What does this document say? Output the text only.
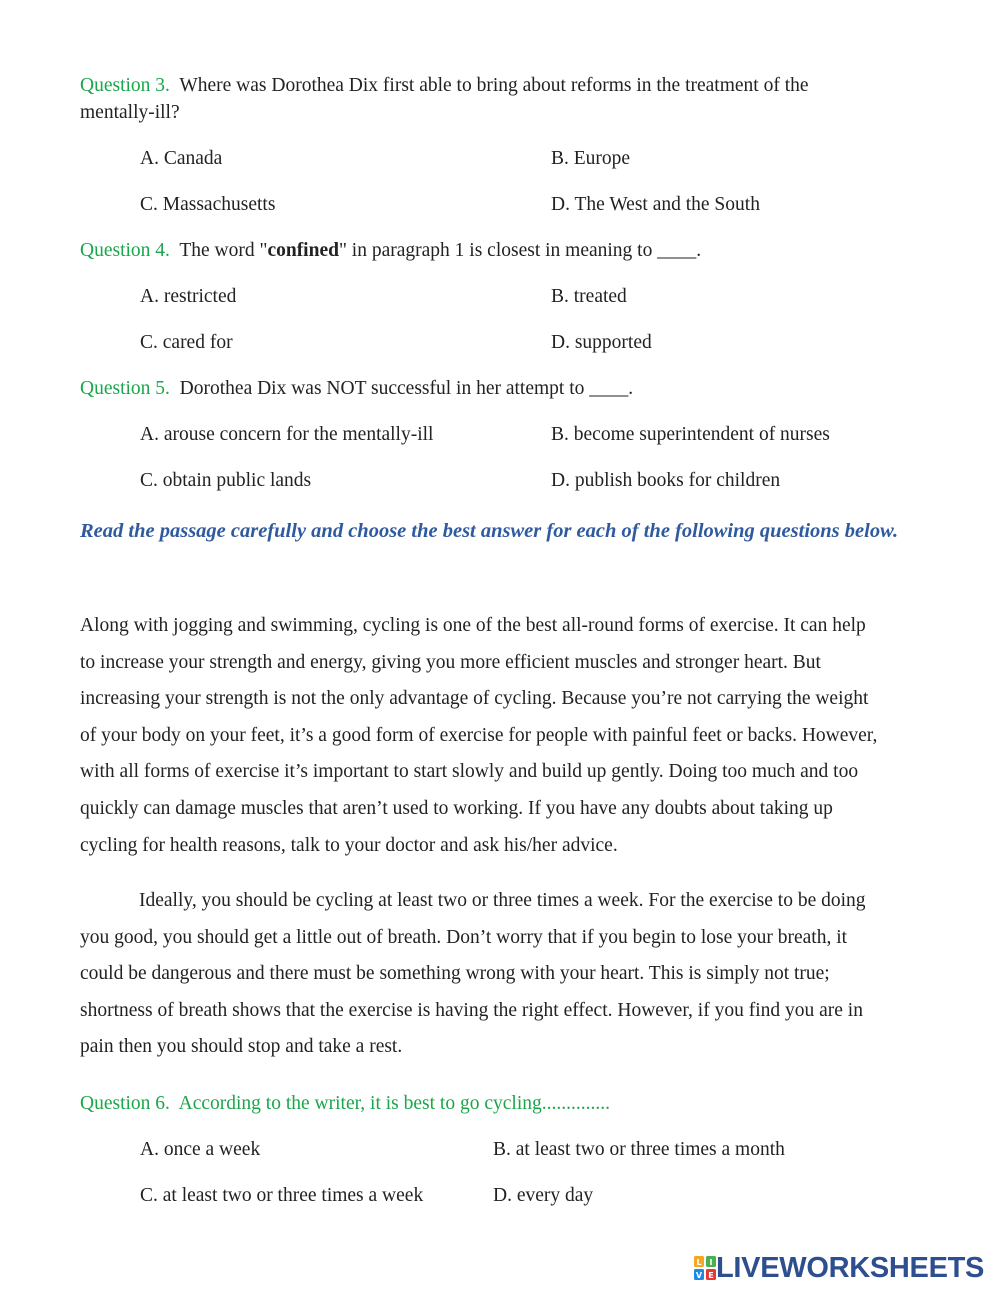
Question 3. Where was Dorothea Dix first able to bring about reforms in the treatment of the
mentally-ill?
A. Canada	B. Europe
C. Massachusetts	D. The West and the South
Question 4. The word "confined" in paragraph 1 is closest in meaning to ____.
A. restricted	B. treated
C. cared for	D. supported
Question 5. Dorothea Dix was NOT successful in her attempt to ____.
A. arouse concern for the mentally-ill	B. become superintendent of nurses
C. obtain public lands	D. publish books for children
Read the passage carefully and choose the best answer for each of the following questions below.

Along with jogging and swimming, cycling is one of the best all-round forms of exercise. It can help

to increase your strength and energy, giving you more efficient muscles and stronger heart. But

increasing your strength is not the only advantage of cycling. Because you’re not carrying the weight

of your body on your feet, it’s a good form of exercise for people with painful feet or backs. However,

with all forms of exercise it’s important to start slowly and build up gently. Doing too much and too

quickly can damage muscles that aren’t used to working. If you have any doubts about taking up

cycling for health reasons, talk to your doctor and ask his/her advice.

Ideally, you should be cycling at least two or three times a week. For the exercise to be doing

you good, you should get a little out of breath. Don’t worry that if you begin to lose your breath, it

could be dangerous and there must be something wrong with your heart. This is simply not true;

shortness of breath shows that the exercise is having the right effect. However, if you find you are in

pain then you should stop and take a rest.

Question 6. According to the writer, it is best to go cycling..............
A. once a week	B. at least two or three times a month
C. at least two or three times a week	D. every day
L I
V E LIVEWORKSHEETS
